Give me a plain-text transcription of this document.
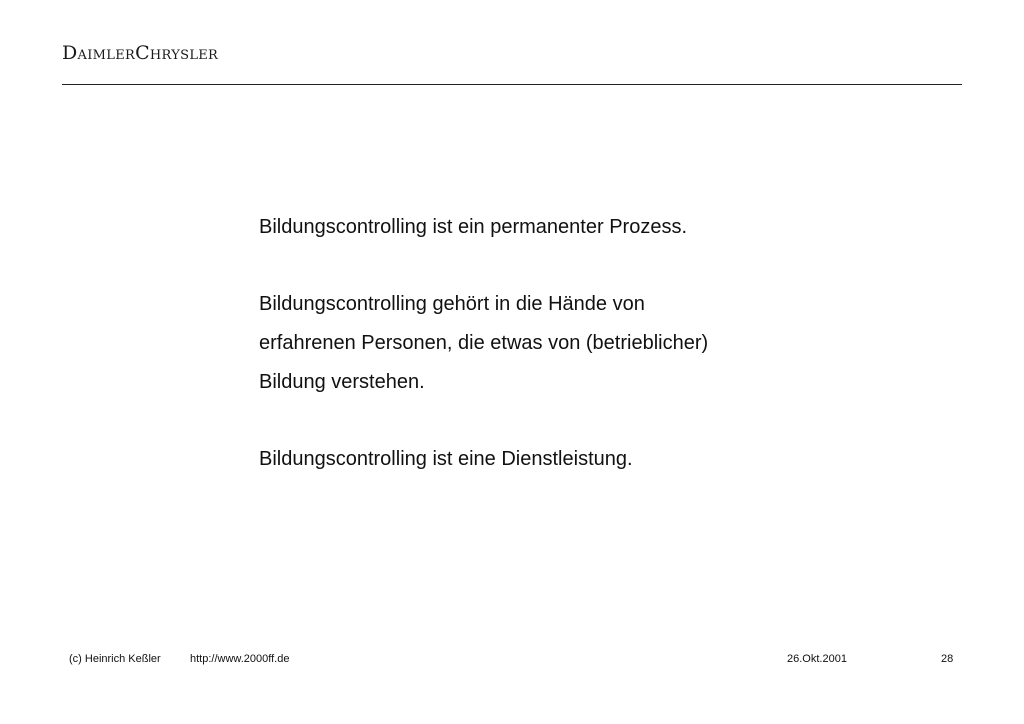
DaimlerChrysler

Bildungscontrolling ist ein permanenter Prozess.

Bildungscontrolling gehört in die Hände von
erfahrenen Personen, die etwas von (betrieblicher)
Bildung verstehen.

Bildungscontrolling ist eine Dienstleistung.

(c) Heinrich Keßler	http://www.2000ff.de	26.Okt.2001	28
